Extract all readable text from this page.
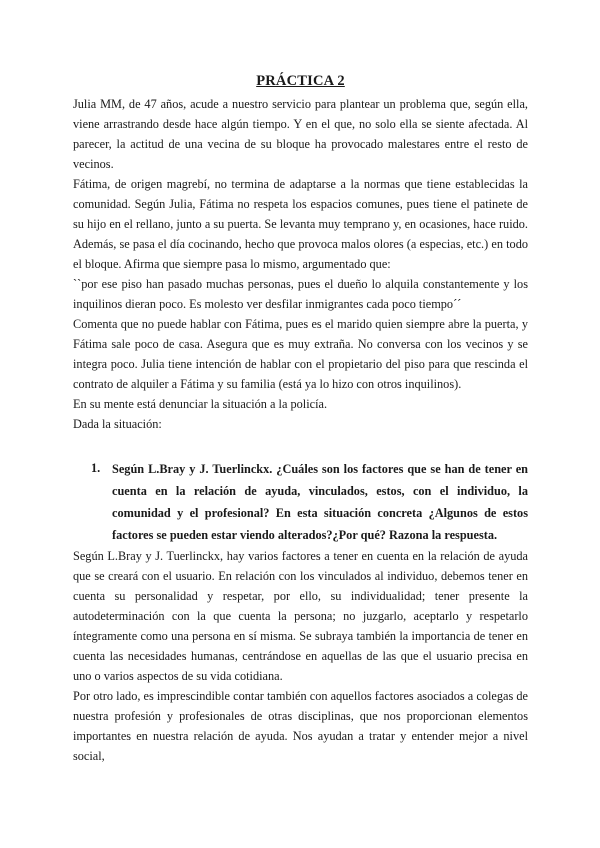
PRÁCTICA 2

Julia MM, de 47 años, acude a nuestro servicio para plantear un problema que, según ella, viene arrastrando desde hace algún tiempo. Y en el que, no solo ella se siente afectada. Al parecer, la actitud de una vecina de su bloque ha provocado malestares entre el resto de vecinos.

Fátima, de origen magrebí, no termina de adaptarse a la normas que tiene establecidas la comunidad. Según Julia, Fátima no respeta los espacios comunes, pues tiene el patinete de su hijo en el rellano, junto a su puerta. Se levanta muy temprano y, en ocasiones, hace ruido. Además, se pasa el día cocinando, hecho que provoca malos olores (a especias, etc.) en todo el bloque. Afirma que siempre pasa lo mismo, argumentado que:

``por ese piso han pasado muchas personas, pues el dueño lo alquila constantemente y los inquilinos dieran poco. Es molesto ver desfilar inmigrantes cada poco tiempo´´

Comenta que no puede hablar con Fátima, pues es el marido quien siempre abre la puerta, y Fátima sale poco de casa. Asegura que es muy extraña. No conversa con los vecinos y se integra poco. Julia tiene intención de hablar con el propietario del piso para que rescinda el contrato de alquiler a Fátima y su familia (está ya lo hizo con otros inquilinos).

En su mente está denunciar la situación a la policía.

Dada la situación:

1. Según L.Bray y J. Tuerlinckx. ¿Cuáles son los factores que se han de tener en cuenta en la relación de ayuda, vinculados, estos, con el individuo, la comunidad y el profesional? En esta situación concreta ¿Algunos de estos factores se pueden estar viendo alterados?¿Por qué? Razona la respuesta.

Según L.Bray y J. Tuerlinckx, hay varios factores a tener en cuenta en la relación de ayuda que se creará con el usuario. En relación con los vinculados al individuo, debemos tener en cuenta su personalidad y respetar, por ello, su individualidad; tener presente la autodeterminación con la que cuenta la persona; no juzgarlo, aceptarlo y respetarlo íntegramente como una persona en sí misma. Se subraya también la importancia de tener en cuenta las necesidades humanas, centrándose en aquellas de las que el usuario precisa en uno o varios aspectos de su vida cotidiana.

Por otro lado, es imprescindible contar también con aquellos factores asociados a colegas de nuestra profesión y profesionales de otras disciplinas, que nos proporcionan elementos importantes en nuestra relación de ayuda. Nos ayudan a tratar y entender mejor a nivel social,
